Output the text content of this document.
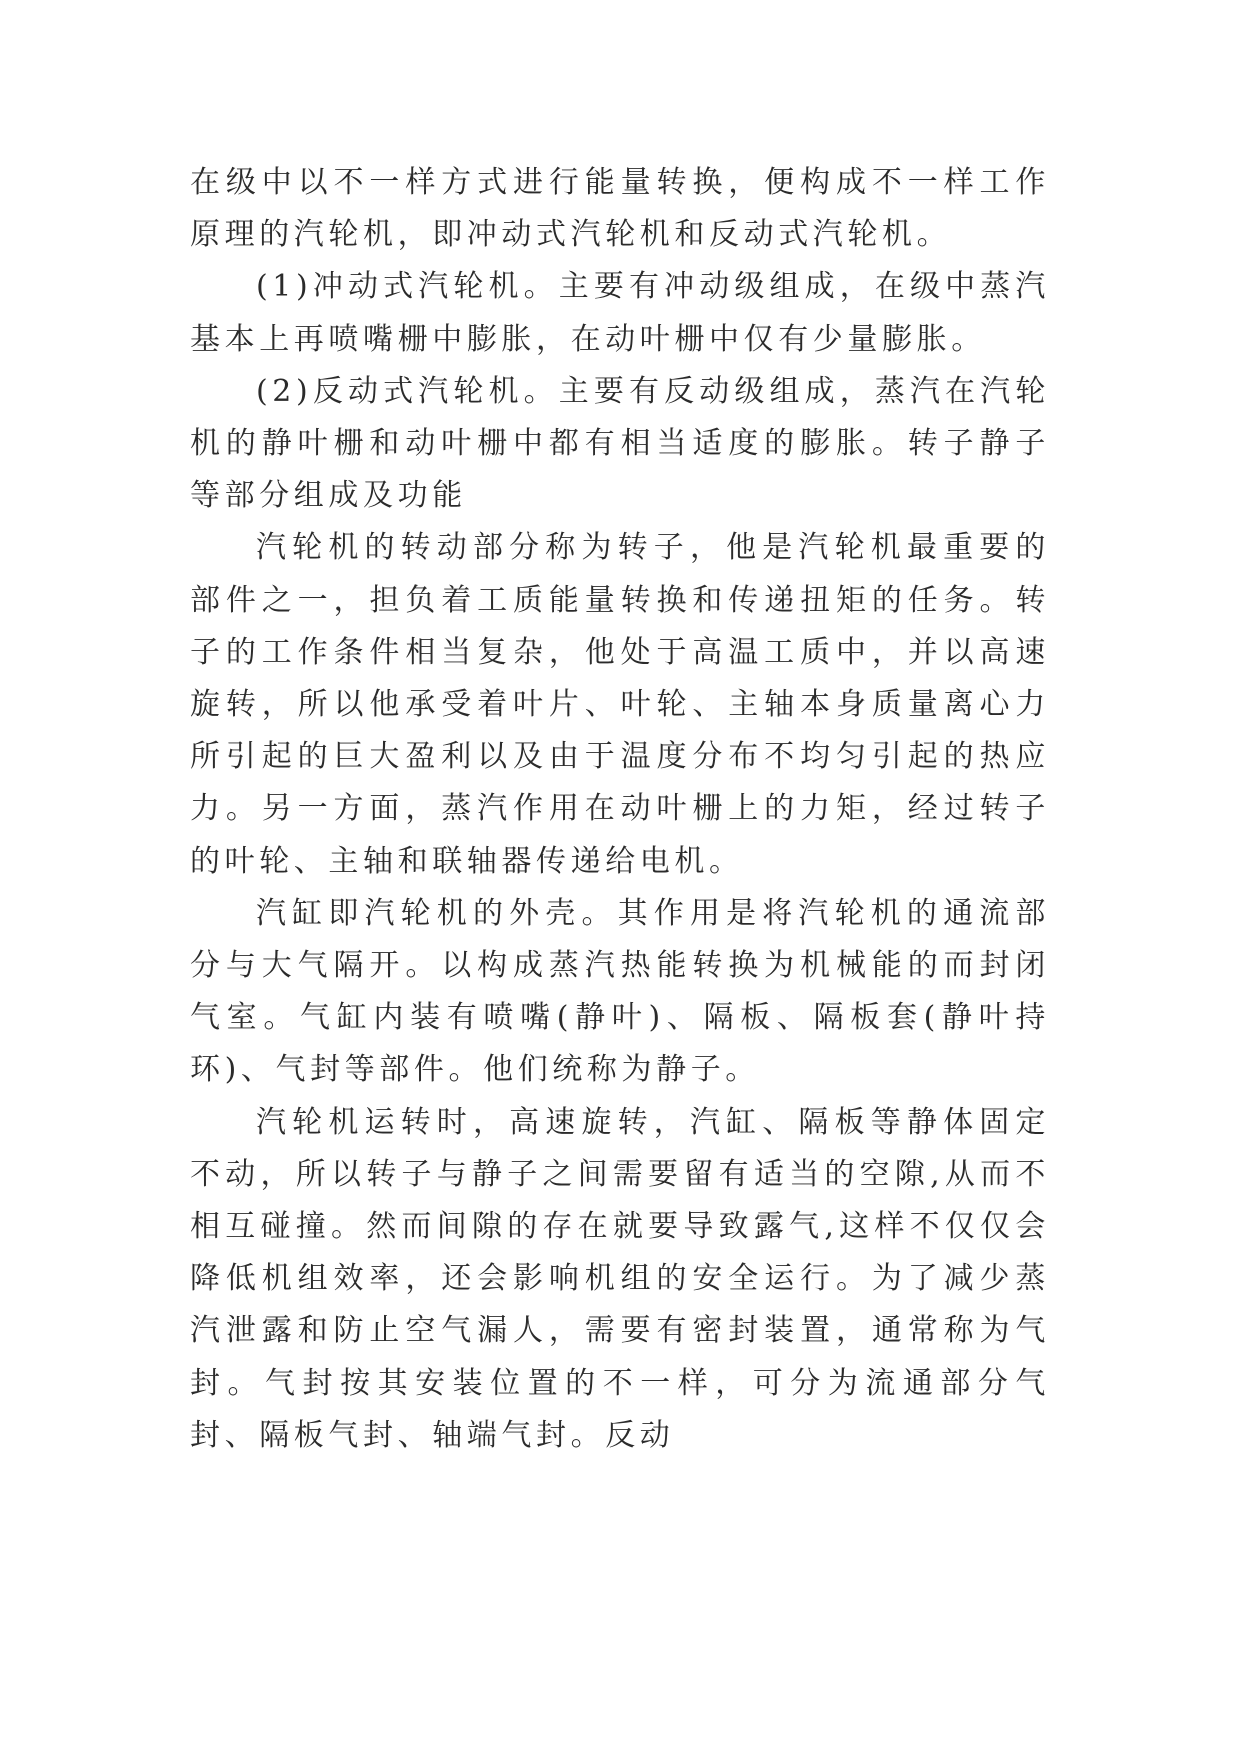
在级中以不一样方式进行能量转换，便构成不一样工作原理的汽轮机，即冲动式汽轮机和反动式汽轮机。

(1)冲动式汽轮机。主要有冲动级组成，在级中蒸汽基本上再喷嘴栅中膨胀，在动叶栅中仅有少量膨胀。

(2)反动式汽轮机。主要有反动级组成，蒸汽在汽轮机的静叶栅和动叶栅中都有相当适度的膨胀。转子静子等部分组成及功能

汽轮机的转动部分称为转子，他是汽轮机最重要的部件之一，担负着工质能量转换和传递扭矩的任务。转子的工作条件相当复杂，他处于高温工质中，并以高速旋转，所以他承受着叶片、叶轮、主轴本身质量离心力所引起的巨大盈利以及由于温度分布不均匀引起的热应力。另一方面，蒸汽作用在动叶栅上的力矩，经过转子的叶轮、主轴和联轴器传递给电机。

汽缸即汽轮机的外壳。其作用是将汽轮机的通流部分与大气隔开。以构成蒸汽热能转换为机械能的而封闭气室。气缸内装有喷嘴(静叶)、隔板、隔板套(静叶持环)、气封等部件。他们统称为静子。

汽轮机运转时，高速旋转，汽缸、隔板等静体固定不动，所以转子与静子之间需要留有适当的空隙,从而不相互碰撞。然而间隙的存在就要导致露气,这样不仅仅会降低机组效率，还会影响机组的安全运行。为了减少蒸汽泄露和防止空气漏人，需要有密封装置，通常称为气封。气封按其安装位置的不一样，可分为流通部分气封、隔板气封、轴端气封。反动
